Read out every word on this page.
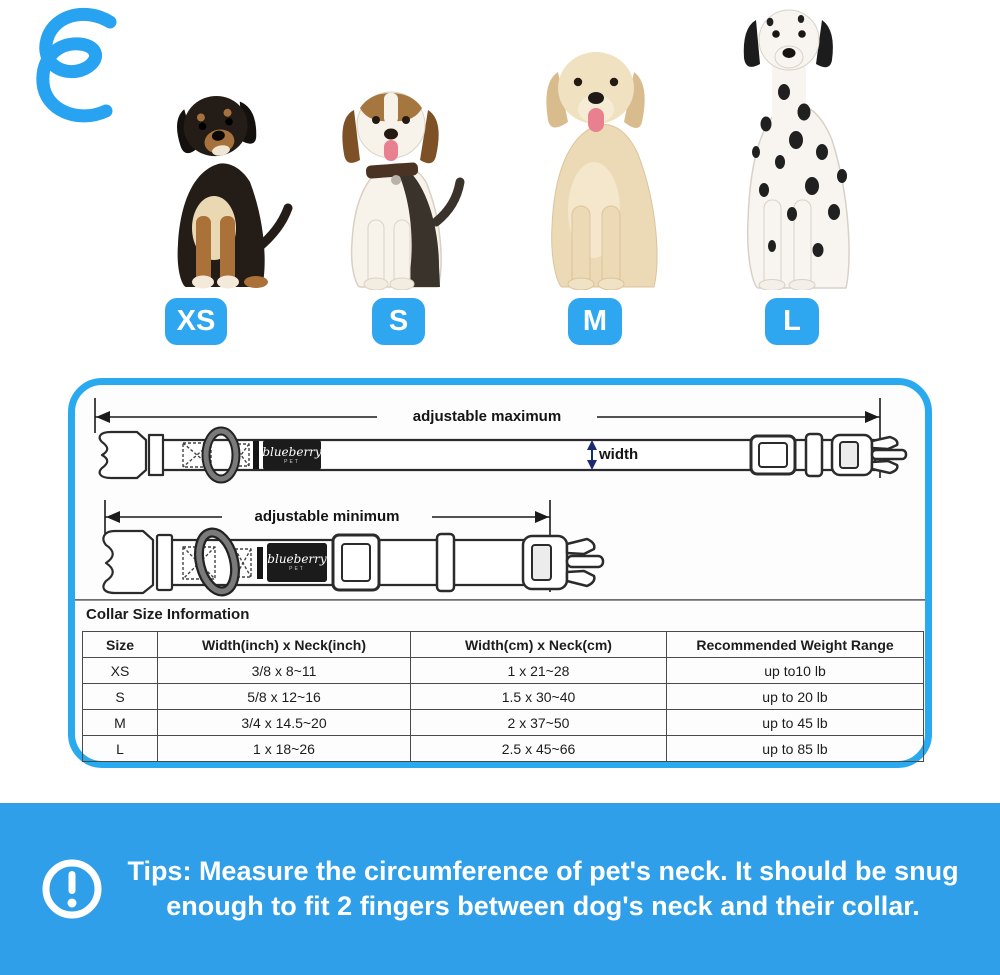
XS	S	M	L
adjustable maximum
adjustable minimum
width
blueberry
PET
blueberry
PET
Collar Size Information
Size	Width(inch) x Neck(inch)	Width(cm) x Neck(cm)	Recommended Weight Range
XS	3/8 x 8~11	1 x 21~28	up to10 lb
S	5/8 x 12~16	1.5 x 30~40	up to 20 lb
M	3/4 x 14.5~20	2 x 37~50	up to 45 lb
L	1 x 18~26	2.5 x 45~66	up to 85 lb
Tips: Measure the circumference of pet's neck. It should be snug
enough to fit 2 fingers between dog's neck and their collar.
